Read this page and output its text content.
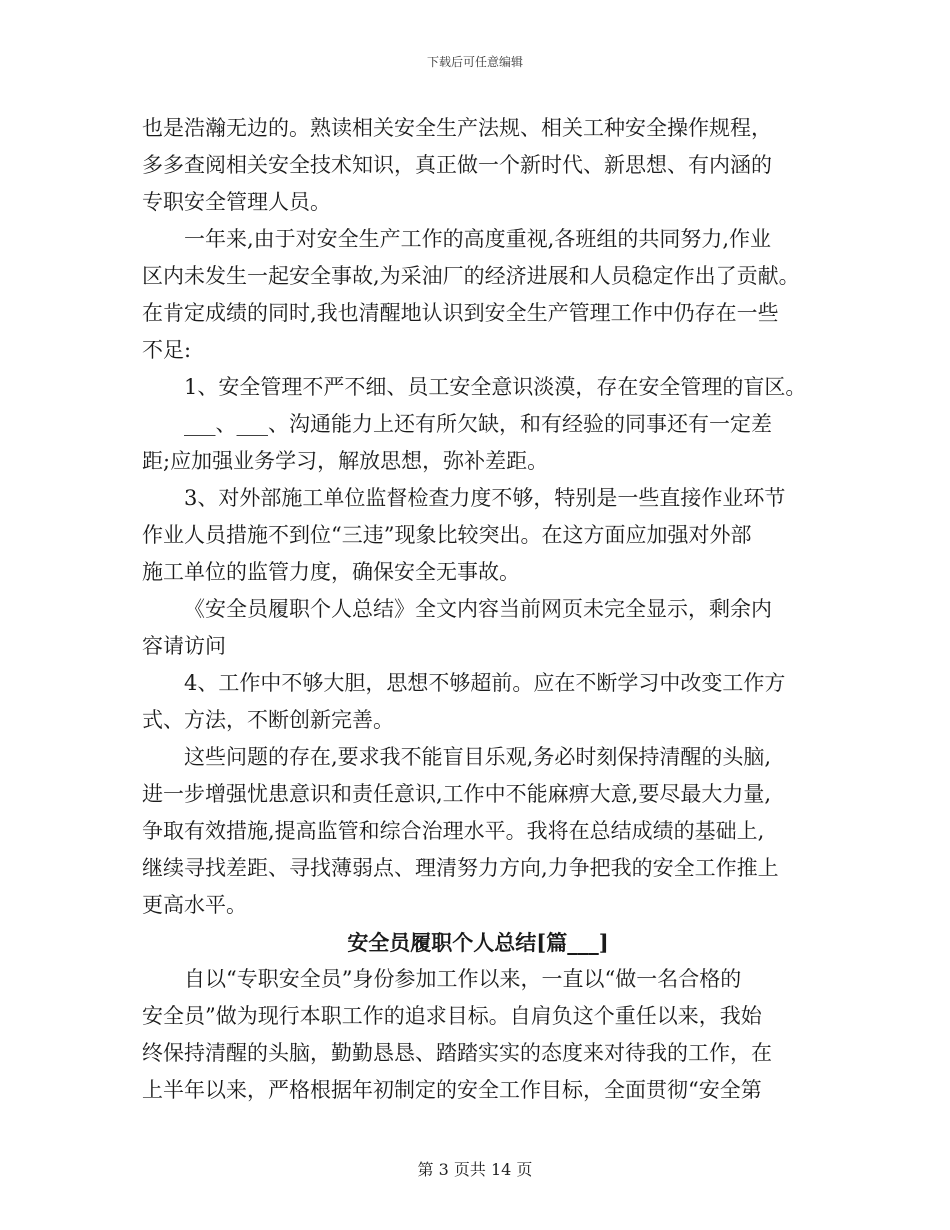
下载后可任意编辑
也是浩瀚无边的。熟读相关安全生产法规、相关工种安全操作规程，
多多查阅相关安全技术知识，真正做一个新时代、新思想、有内涵的
专职安全管理人员。
一年来,由于对安全生产工作的高度重视,各班组的共同努力,作业
区内未发生一起安全事故,为采油厂的经济进展和人员稳定作出了贡献。
在肯定成绩的同时,我也清醒地认识到安全生产管理工作中仍存在一些
不足:
1、安全管理不严不细、员工安全意识淡漠，存在安全管理的盲区。
___、___、沟通能力上还有所欠缺，和有经验的同事还有一定差
距;应加强业务学习，解放思想，弥补差距。
3、对外部施工单位监督检查力度不够，特别是一些直接作业环节
作业人员措施不到位“三违”现象比较突出。在这方面应加强对外部
施工单位的监管力度，确保安全无事故。
《安全员履职个人总结》全文内容当前网页未完全显示，剩余内
容请访问
4、工作中不够大胆，思想不够超前。应在不断学习中改变工作方
式、方法，不断创新完善。
这些问题的存在,要求我不能盲目乐观,务必时刻保持清醒的头脑,
进一步增强忧患意识和责任意识,工作中不能麻痹大意,要尽最大力量,
争取有效措施,提高监管和综合治理水平。我将在总结成绩的基础上,
继续寻找差距、寻找薄弱点、理清努力方向,力争把我的安全工作推上
更高水平。
安全员履职个人总结[篇___]
自以“专职安全员”身份参加工作以来，一直以“做一名合格的
安全员”做为现行本职工作的追求目标。自肩负这个重任以来，我始
终保持清醒的头脑，勤勤恳恳、踏踏实实的态度来对待我的工作，在
上半年以来，严格根据年初制定的安全工作目标，全面贯彻“安全第
第 3 页共 14 页
